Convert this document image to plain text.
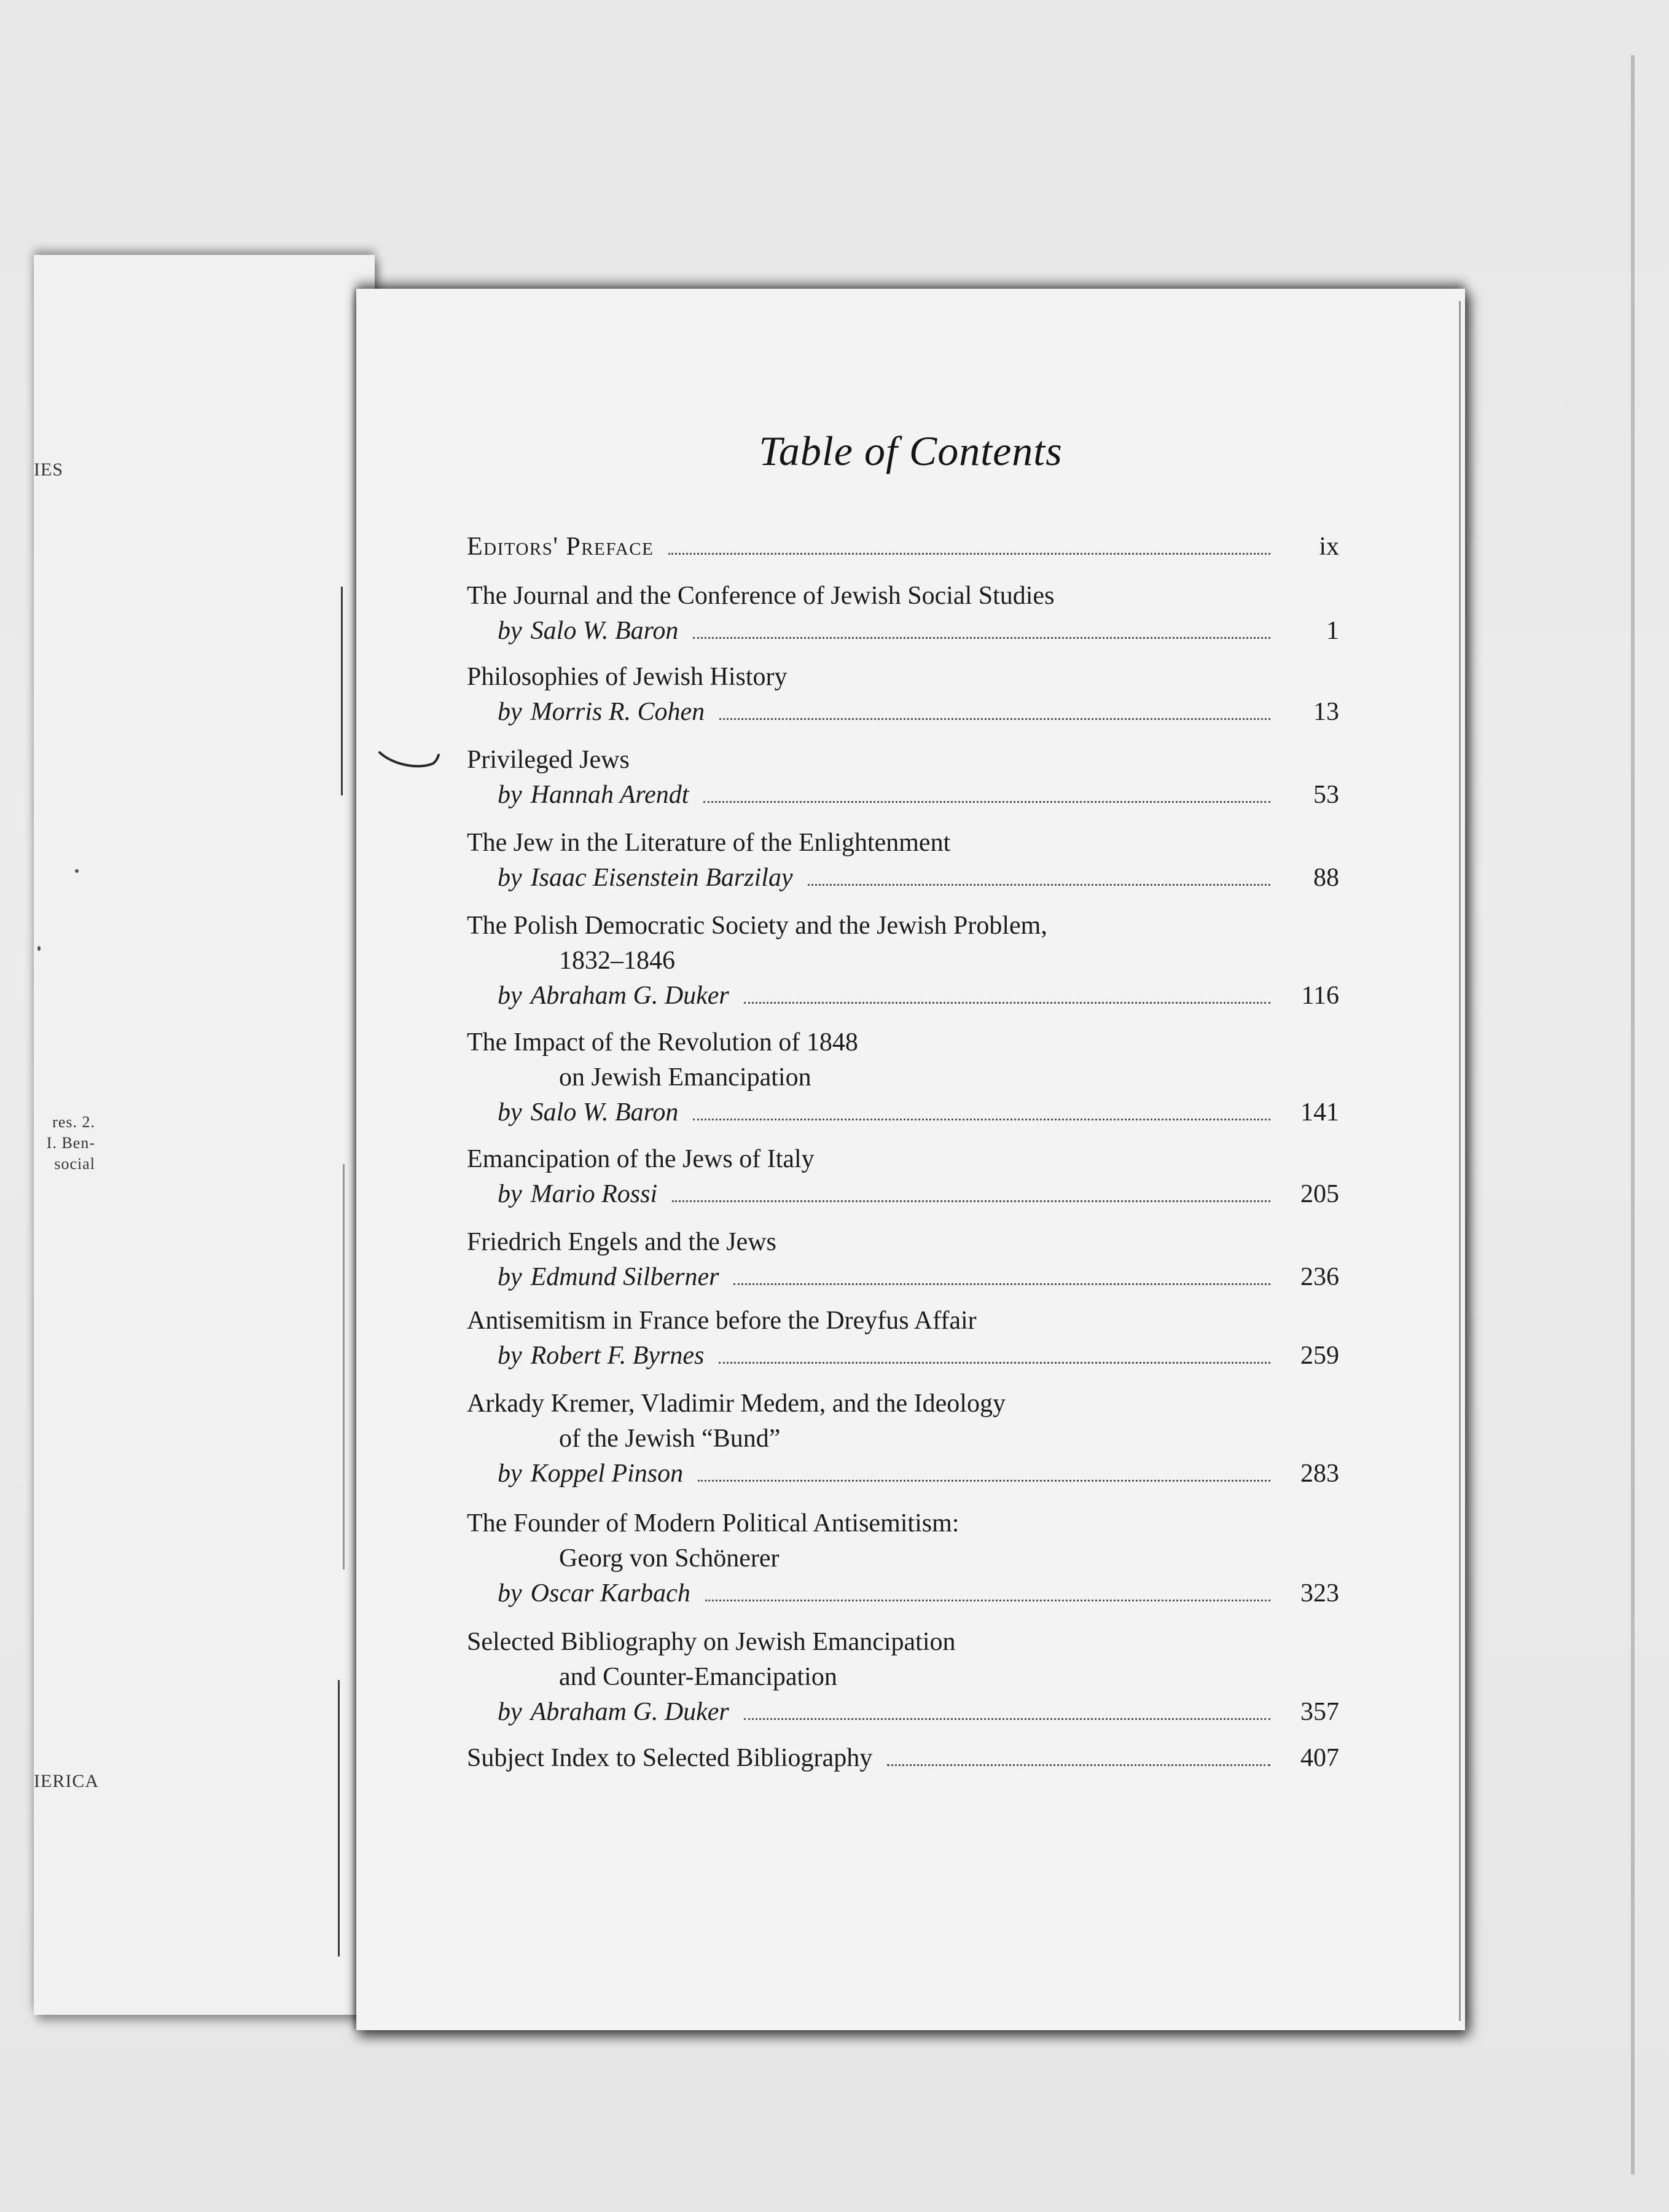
IES
res. 2.
I. Ben-
social
IERICA
Table of Contents
Editors' Preface	ix
The Journal and the Conference of Jewish Social Studies
by Salo W. Baron	1
Philosophies of Jewish History
by Morris R. Cohen	13
Privileged Jews
by Hannah Arendt	53
The Jew in the Literature of the Enlightenment
by Isaac Eisenstein Barzilay	88
The Polish Democratic Society and the Jewish Problem,
1832–1846
by Abraham G. Duker	116
The Impact of the Revolution of 1848
on Jewish Emancipation
by Salo W. Baron	141
Emancipation of the Jews of Italy
by Mario Rossi	205
Friedrich Engels and the Jews
by Edmund Silberner	236
Antisemitism in France before the Dreyfus Affair
by Robert F. Byrnes	259
Arkady Kremer, Vladimir Medem, and the Ideology
of the Jewish “Bund”
by Koppel Pinson	283
The Founder of Modern Political Antisemitism:
Georg von Schönerer
by Oscar Karbach	323
Selected Bibliography on Jewish Emancipation
and Counter-Emancipation
by Abraham G. Duker	357
Subject Index to Selected Bibliography	407
